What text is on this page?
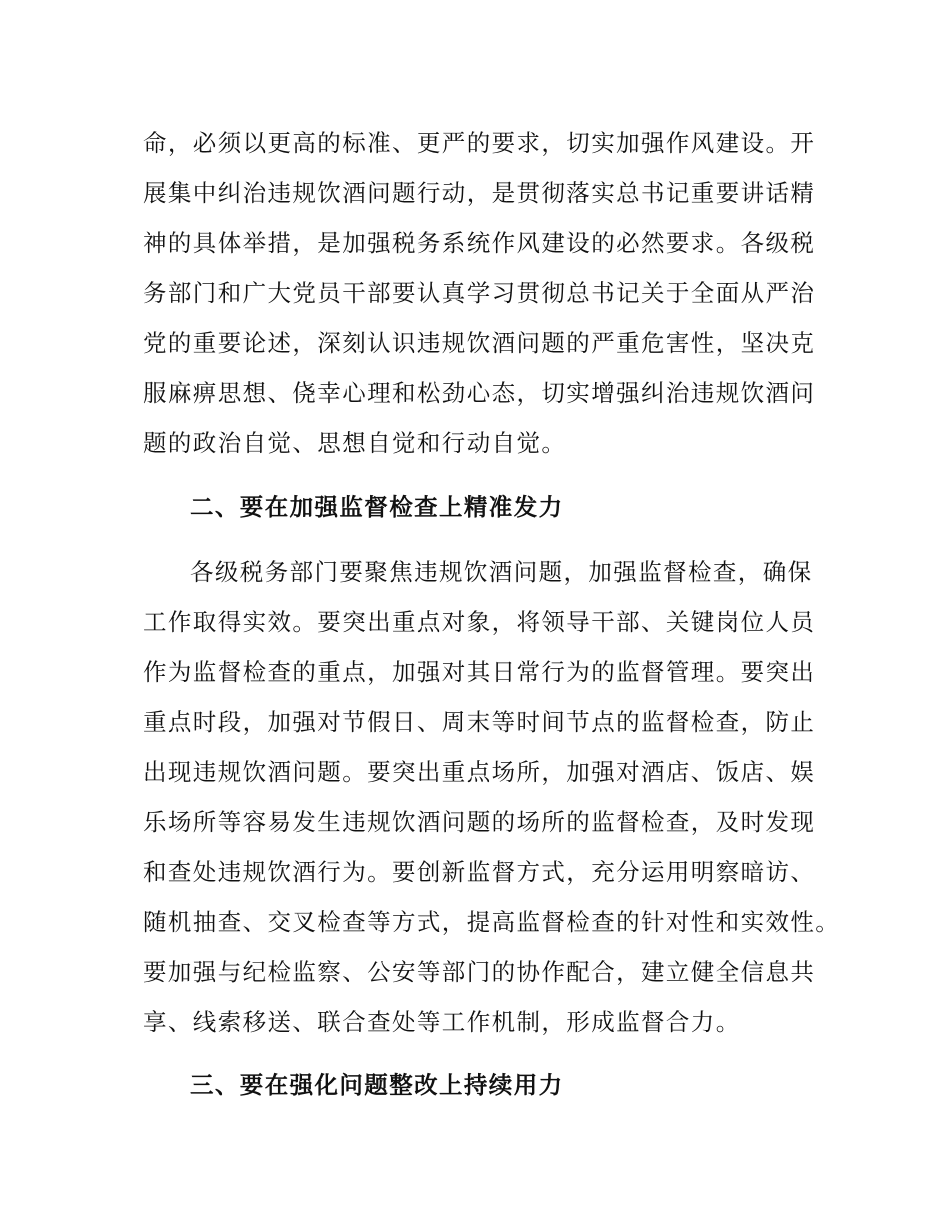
命，必须以更高的标准、更严的要求，切实加强作风建设。开
展集中纠治违规饮酒问题行动，是贯彻落实总书记重要讲话精
神的具体举措，是加强税务系统作风建设的必然要求。各级税
务部门和广大党员干部要认真学习贯彻总书记关于全面从严治
党的重要论述，深刻认识违规饮酒问题的严重危害性，坚决克
服麻痹思想、侥幸心理和松劲心态，切实增强纠治违规饮酒问
题的政治自觉、思想自觉和行动自觉。
二、要在加强监督检查上精准发力
各级税务部门要聚焦违规饮酒问题，加强监督检查，确保
工作取得实效。要突出重点对象，将领导干部、关键岗位人员
作为监督检查的重点，加强对其日常行为的监督管理。要突出
重点时段，加强对节假日、周末等时间节点的监督检查，防止
出现违规饮酒问题。要突出重点场所，加强对酒店、饭店、娱
乐场所等容易发生违规饮酒问题的场所的监督检查，及时发现
和查处违规饮酒行为。要创新监督方式，充分运用明察暗访、
随机抽查、交叉检查等方式，提高监督检查的针对性和实效性。
要加强与纪检监察、公安等部门的协作配合，建立健全信息共
享、线索移送、联合查处等工作机制，形成监督合力。
三、要在强化问题整改上持续用力
